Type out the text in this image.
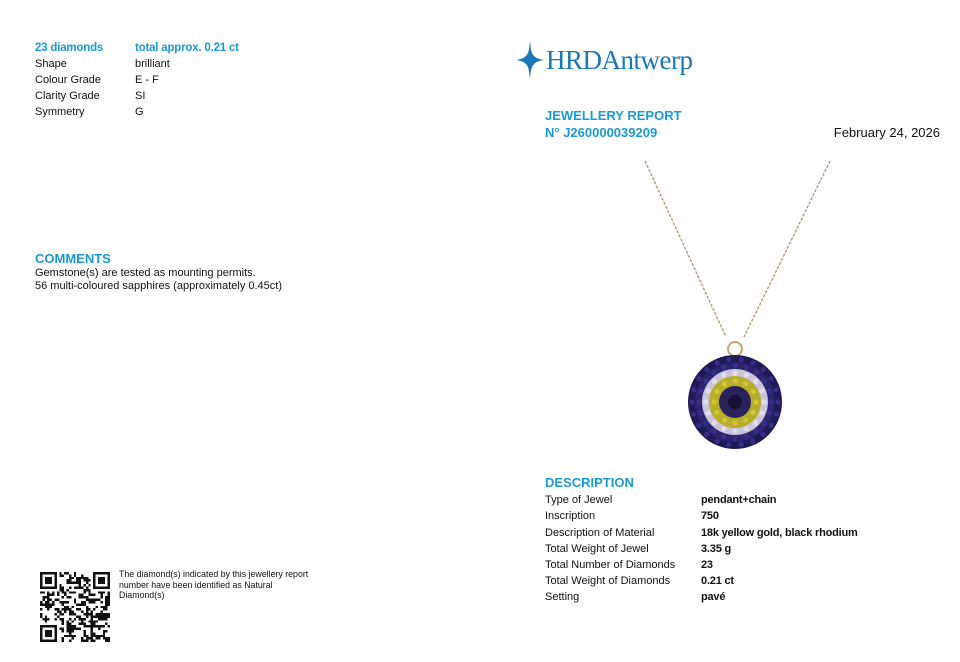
23 diamonds	total approx. 0.21 ct
Shape	brilliant
Colour Grade	E - F
Clarity Grade	SI
Symmetry	G
COMMENTS
Gemstone(s) are tested as mounting permits.
56 multi-coloured sapphires (approximately 0.45ct)
The diamond(s) indicated by this jewellery report number have been identified as Natural Diamond(s)
HRDAntwerp
JEWELLERY REPORT
N° J260000039209	February 24, 2026
DESCRIPTION
Type of Jewel	pendant+chain
Inscription	750
Description of Material	18k yellow gold, black rhodium
Total Weight of Jewel	3.35 g
Total Number of Diamonds	23
Total Weight of Diamonds	0.21 ct
Setting	pavé
